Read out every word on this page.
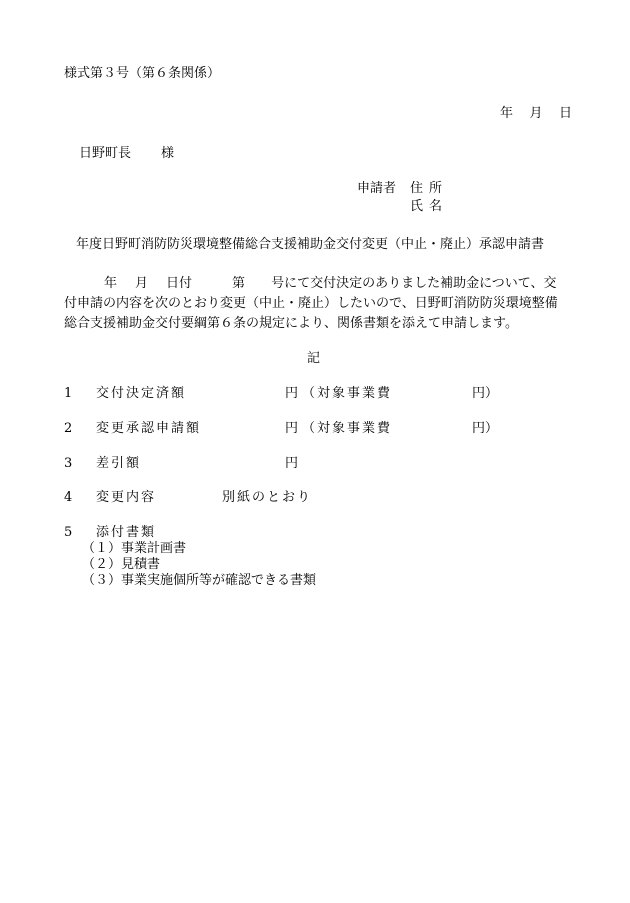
様式第３号（第６条関係）
年 月 日
日野町長 様
申請者 住所
氏名
年度日野町消防防災環境整備総合支援補助金交付変更（中止・廃止）承認申請書
年 月 日付	第 号にて交付決定のありました補助金について、交
付申請の内容を次のとおり変更（中止・廃止）したいので、日野町消防防災環境整備
総合支援補助金交付要綱第６条の規定により、関係書類を添えて申請します。
記
1 交付決定済額	円 （対象事業費	円）
2 変更承認申請額	円 （対象事業費	円）
3 差引額	円
4 変更内容	別紙のとおり
5 添付書類
（１）事業計画書
（２）見積書
（３）事業実施個所等が確認できる書類
